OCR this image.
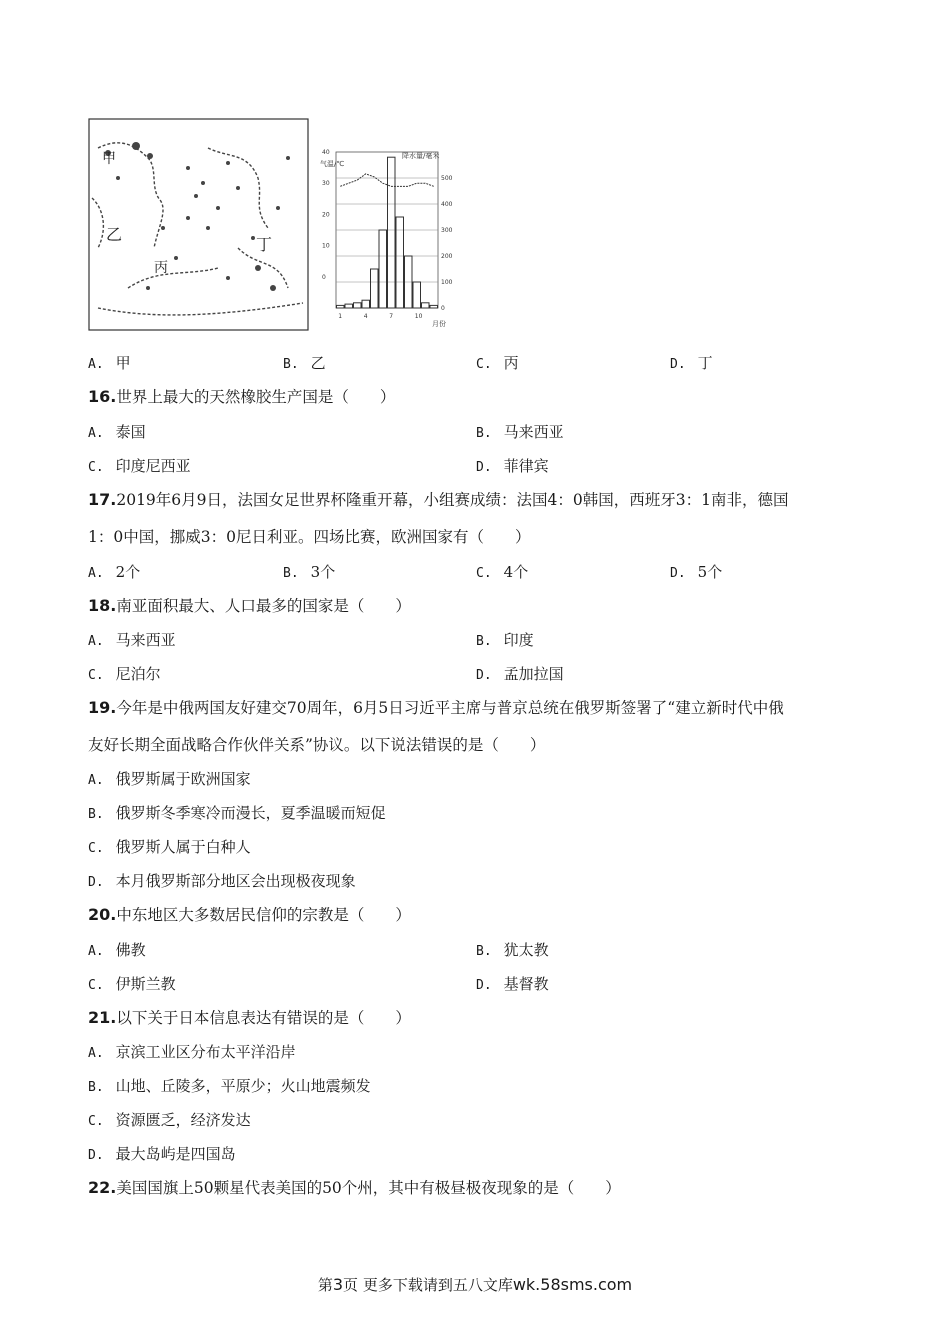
甲
乙
丙
丁
气温/℃
降水量/毫米
月份
500
400
300
200
100
0
40
30
20
10
0
1	4	7	10
A. 甲	B. 乙	C. 丙	D. 丁
16.世界上最大的天然橡胶生产国是（　　）
A. 泰国	B. 马来西亚
C. 印度尼西亚	D. 菲律宾
17.2019年6月9日，法国女足世界杯隆重开幕，小组赛成绩：法国4：0韩国，西班牙3：1南非，德国
1：0中国，挪威3：0尼日利亚。四场比赛，欧洲国家有（　　）
A. 2个	B. 3个	C. 4个	D. 5个
18.南亚面积最大、人口最多的国家是（　　）
A. 马来西亚	B. 印度
C. 尼泊尔	D. 孟加拉国
19.今年是中俄两国友好建交70周年，6月5日习近平主席与普京总统在俄罗斯签署了“建立新时代中俄
友好长期全面战略合作伙伴关系”协议。以下说法错误的是（　　）
A. 俄罗斯属于欧洲国家
B. 俄罗斯冬季寒冷而漫长，夏季温暖而短促
C. 俄罗斯人属于白种人
D. 本月俄罗斯部分地区会出现极夜现象
20.中东地区大多数居民信仰的宗教是（　　）
A. 佛教	B. 犹太教
C. 伊斯兰教	D. 基督教
21.以下关于日本信息表达有错误的是（　　）
A. 京滨工业区分布太平洋沿岸
B. 山地、丘陵多，平原少；火山地震频发
C. 资源匮乏，经济发达
D. 最大岛屿是四国岛
22.美国国旗上50颗星代表美国的50个州，其中有极昼极夜现象的是（　　）
第3页 更多下载请到五八文库wk.58sms.com
